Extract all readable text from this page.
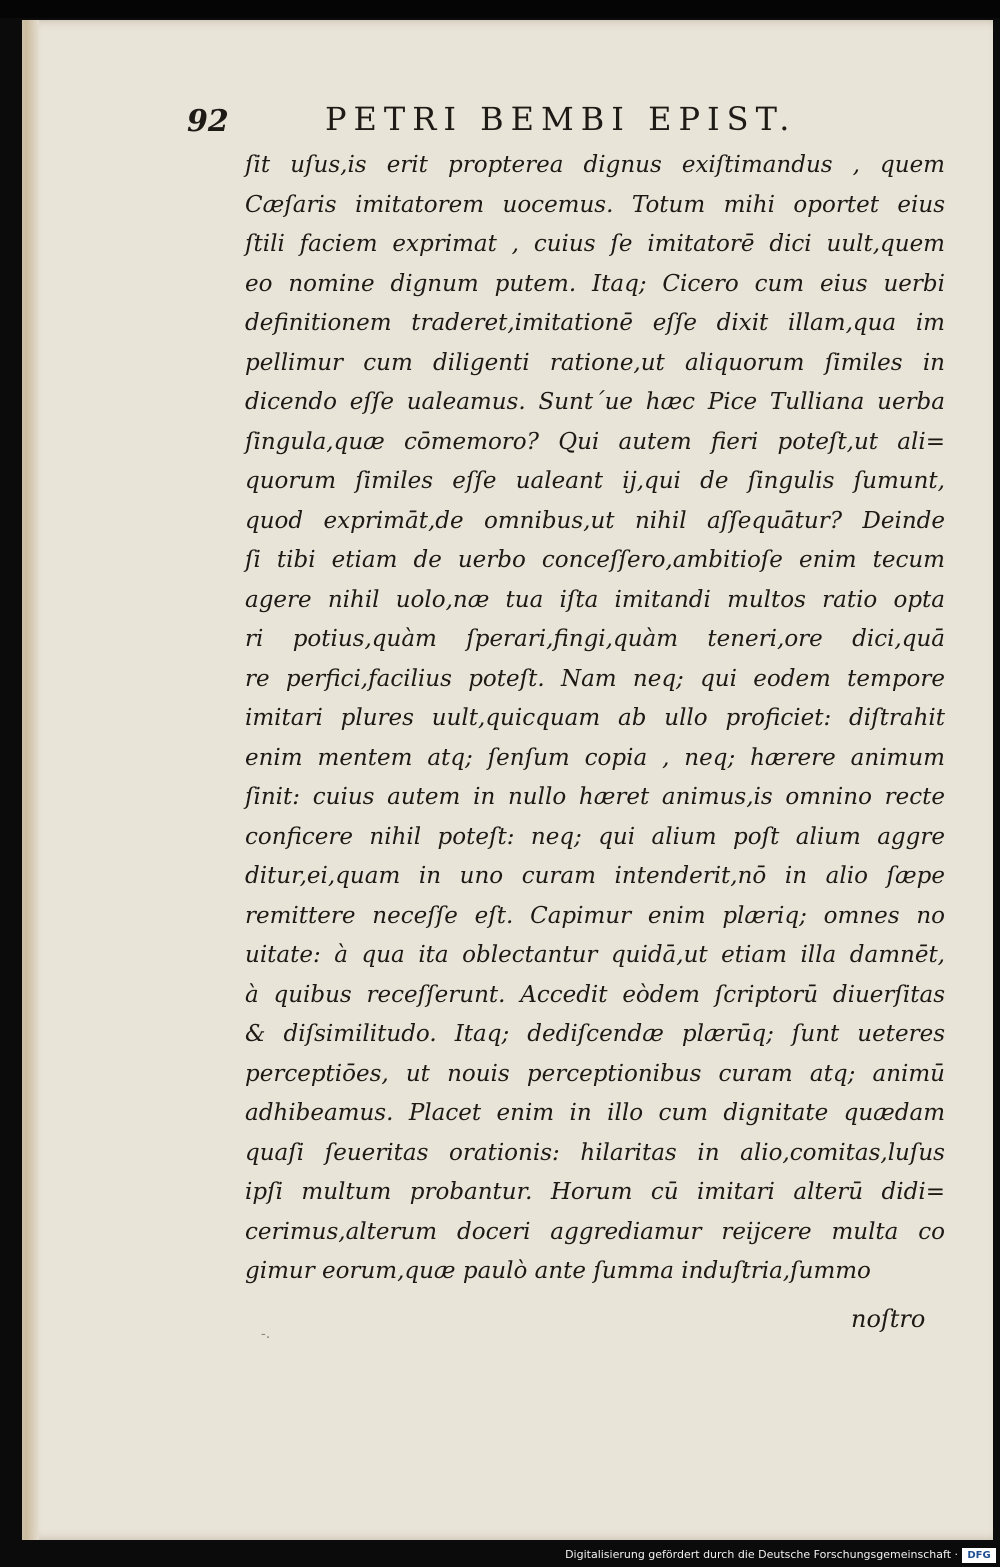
92	PETRI BEMBI EPIST.
ſit uſus,is erit propterea dignus exiſtimandus , quem
Cæſaris imitatorem uocemus. Totum mihi oportet eius
ſtili faciem exprimat , cuius ſe imitatorē dici uult,quem
eo nomine dignum putem. Itaq; Cicero cum eius uerbi
definitionem traderet,imitationē eſſe dixit illam,qua im
pellimur cum diligenti ratione,ut aliquorum ſimiles in
dicendo eſſe ualeamus. Sunt´ue hæc Pice Tulliana uerba
ſingula,quæ cōmemoro? Qui autem fieri poteſt,ut ali=
quorum ſimiles eſſe ualeant ij,qui de ſingulis ſumunt,
quod exprimāt,de omnibus,ut nihil aſſequātur? Deinde
ſi tibi etiam de uerbo conceſſero,ambitioſe enim tecum
agere nihil uolo,næ tua iſta imitandi multos ratio opta
ri potius,quàm ſperari,fingi,quàm teneri,ore dici,quā
re perfici,facilius poteſt. Nam neq; qui eodem tempore
imitari plures uult,quicquam ab ullo proficiet: diſtrahit
enim mentem atq; ſenſum copia , neq; hærere animum
ſinit: cuius autem in nullo hæret animus,is omnino recte
conficere nihil poteſt: neq; qui alium poſt alium aggre
ditur,ei,quam in uno curam intenderit,nō in alio ſæpe
remittere neceſſe eſt. Capimur enim plæriq; omnes no
uitate: à qua ita oblectantur quidā,ut etiam illa damnēt,
à quibus receſſerunt. Accedit eòdem ſcriptorū diuerſitas
& diſsimilitudo. Itaq; dediſcendæ plærūq; ſunt ueteres
perceptiōes, ut nouis perceptionibus curam atq; animū
adhibeamus. Placet enim in illo cum dignitate quædam
quaſi ſeueritas orationis: hilaritas in alio,comitas,luſus
ipſi multum probantur. Horum cū imitari alterū didi=
cerimus,alterum doceri aggrediamur reijcere multa co
gimur eorum,quæ paulò ante ſumma induſtria,ſummo
-.
noſtro
Digitalisierung gefördert durch die Deutsche Forschungsgemeinschaft · DFG
